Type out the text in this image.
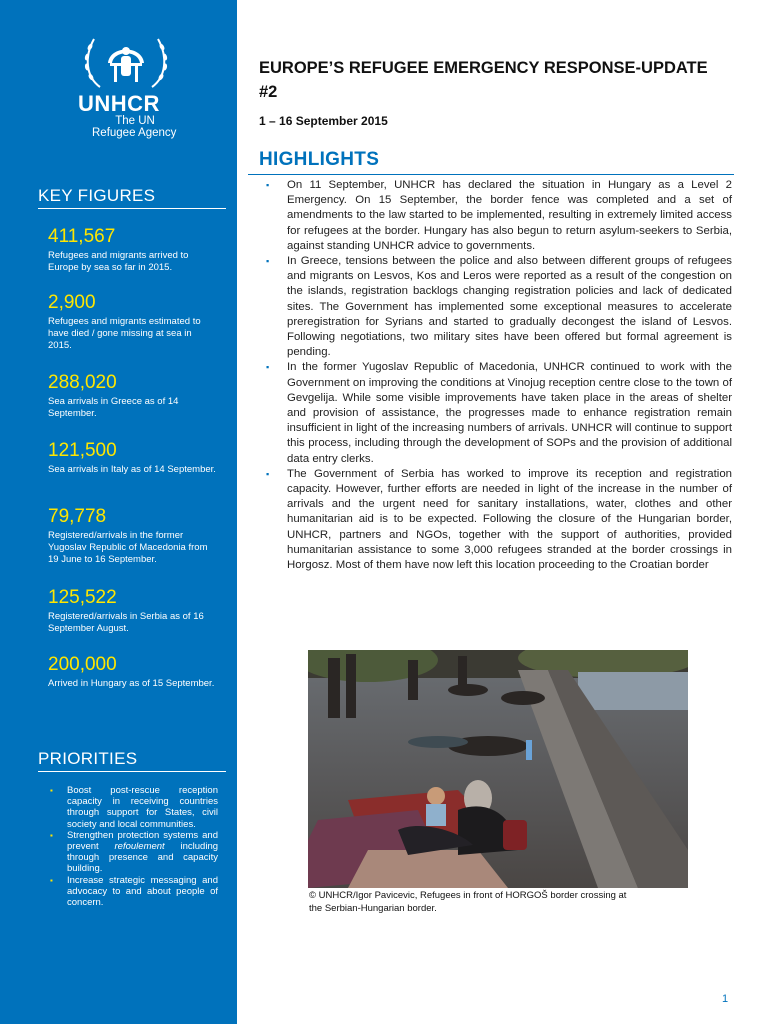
UNHCR
The UN
Refugee Agency
KEY FIGURES
411,567
Refugees and migrants arrived to Europe by sea so far in 2015.
2,900
Refugees and migrants estimated to have died / gone missing at sea in 2015.
288,020
Sea arrivals in Greece as of 14 September.
121,500
Sea arrivals in Italy as of 14 September.
79,778
Registered/arrivals in the former Yugoslav Republic of Macedonia from 19 June to 16 September.
125,522
Registered/arrivals in Serbia as of 16 September August.
200,000
Arrived in Hungary as of 15 September.
PRIORITIES
▪ Boost post-rescue reception capacity in receiving countries through support for States, civil society and local communities.
▪ Strengthen protection systems and prevent refoulement including through presence and capacity building.
▪ Increase strategic messaging and advocacy to and about people of concern.
EUROPE’S REFUGEE EMERGENCY RESPONSE-UPDATE #2
1 – 16 September 2015
HIGHLIGHTS
▪ On 11 September, UNHCR has declared the situation in Hungary as a Level 2 Emergency. On 15 September, the border fence was completed and a set of amendments to the law started to be implemented, resulting in extremely limited access for refugees at the border. Hungary has also begun to return asylum-seekers to Serbia, against standing UNHCR advice to governments.
▪ In Greece, tensions between the police and also between different groups of refugees and migrants on Lesvos, Kos and Leros were reported as a result of the congestion on the islands, registration backlogs changing registration policies and lack of dedicated sites. The Government has implemented some exceptional measures to accelerate preregistration for Syrians and started to gradually decongest the island of Lesvos. Following negotiations, two military sites have been offered but formal agreement is pending.
▪ In the former Yugoslav Republic of Macedonia, UNHCR continued to work with the Government on improving the conditions at Vinojug reception centre close to the town of Gevgelija. While some visible improvements have taken place in the areas of shelter and provision of assistance, the progresses made to enhance registration remain insufficient in light of the increasing numbers of arrivals. UNHCR will continue to support this process, including through the development of SOPs and the provision of additional data entry clerks.
▪ The Government of Serbia has worked to improve its reception and registration capacity. However, further efforts are needed in light of the increase in the number of arrivals and the urgent need for sanitary installations, water, clothes and other humanitarian aid is to be expected. Following the closure of the Hungarian border, UNHCR, partners and NGOs, together with the support of authorities, provided humanitarian assistance to some 3,000 refugees stranded at the border crossings in Horgosz. Most of them have now left this location proceeding to the Croatian border
© UNHCR/Igor Pavicevic, Refugees in front of HORGOŠ border crossing at
the Serbian-Hungarian border.
1
